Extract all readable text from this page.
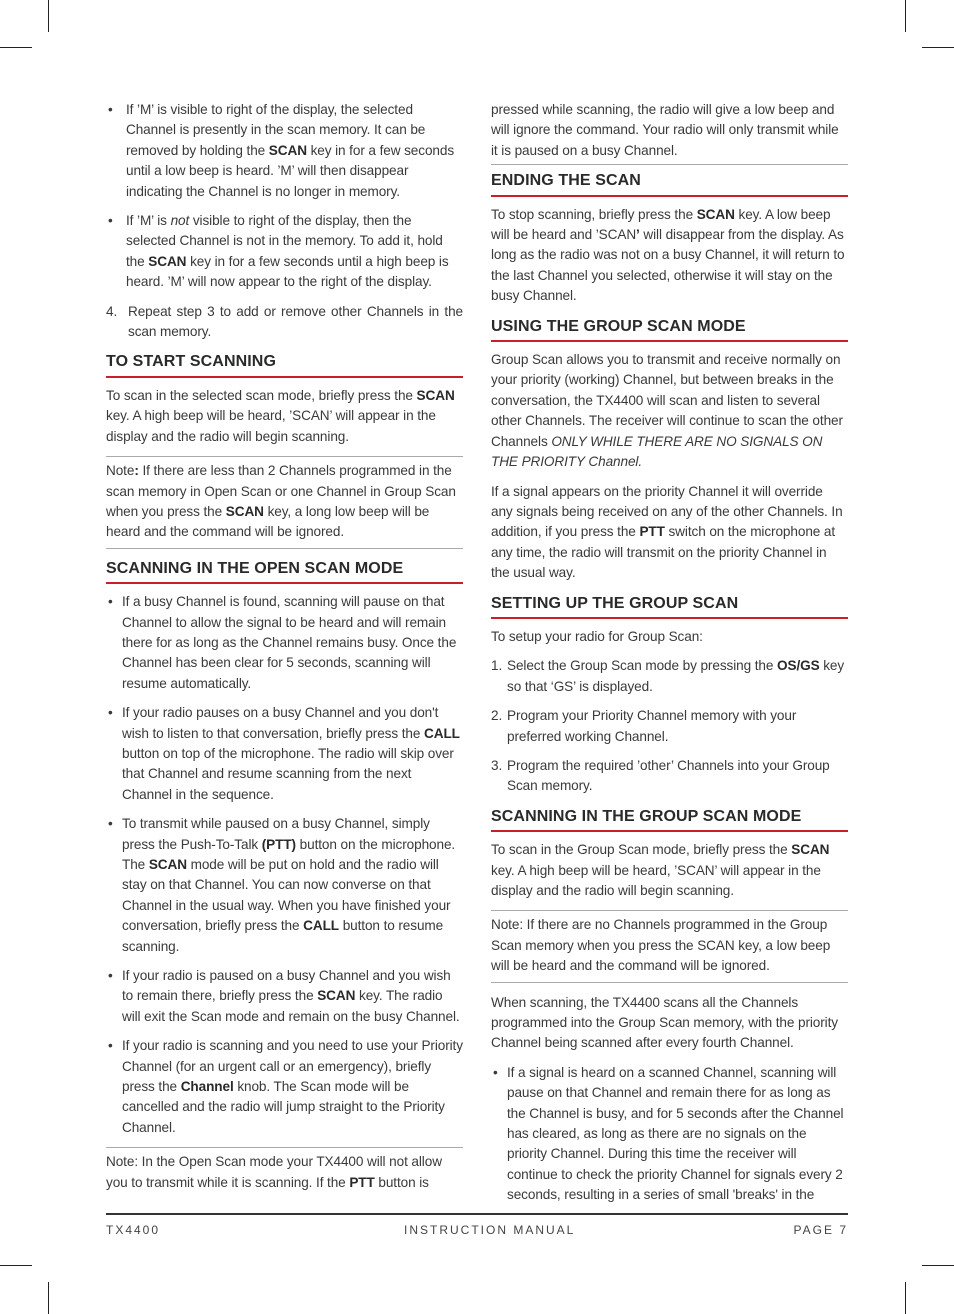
• If ’M’ is visible to right of the display, the selected Channel is presently in the scan memory. It can be removed by holding the SCAN key in for a few seconds until a low beep is heard. ’M’ will then disappear indicating the Channel is no longer in memory.
• If ’M’ is not visible to right of the display, then the selected Channel is not in the memory. To add it, hold the SCAN key in for a few seconds until a high beep is heard. ’M’ will now appear to the right of the display.
4. Repeat step 3 to add or remove other Channels in the scan memory.
TO START SCANNING

To scan in the selected scan mode, briefly press the SCAN key. A high beep will be heard, ’SCAN’ will appear in the display and the radio will begin scanning.

Note: If there are less than 2 Channels programmed in the scan memory in Open Scan or one Channel in Group Scan when you press the SCAN key, a long low beep will be heard and the command will be ignored.
SCANNING IN THE OPEN SCAN MODE
• If a busy Channel is found, scanning will pause on that Channel to allow the signal to be heard and will remain there for as long as the Channel remains busy. Once the Channel has been clear for 5 seconds, scanning will resume automatically.
• If your radio pauses on a busy Channel and you don't wish to listen to that conversation, briefly press the CALL button on top of the microphone. The radio will skip over that Channel and resume scanning from the next Channel in the sequence.
• To transmit while paused on a busy Channel, simply press the Push-To-Talk (PTT) button on the microphone. The SCAN mode will be put on hold and the radio will stay on that Channel. You can now converse on that Channel in the usual way. When you have finished your conversation, briefly press the CALL button to resume scanning.
• If your radio is paused on a busy Channel and you wish to remain there, briefly press the SCAN key. The radio will exit the Scan mode and remain on the busy Channel.
• If your radio is scanning and you need to use your Priority Channel (for an urgent call or an emergency), briefly press the Channel knob. The Scan mode will be cancelled and the radio will jump straight to the Priority Channel.
Note: In the Open Scan mode your TX4400 will not allow you to transmit while it is scanning. If the PTT button is

pressed while scanning, the radio will give a low beep and will ignore the command. Your radio will only transmit while it is paused on a busy Channel.

ENDING THE SCAN

To stop scanning, briefly press the SCAN key. A low beep will be heard and ’SCAN’ will disappear from the display. As long as the radio was not on a busy Channel, it will return to the last Channel you selected, otherwise it will stay on the busy Channel.

USING THE GROUP SCAN MODE

Group Scan allows you to transmit and receive normally on your priority (working) Channel, but between breaks in the conversation, the TX4400 will scan and listen to several other Channels. The receiver will continue to scan the other Channels ONLY WHILE THERE ARE NO SIGNALS ON THE PRIORITY Channel.

If a signal appears on the priority Channel it will override any signals being received on any of the other Channels. In addition, if you press the PTT switch on the microphone at any time, the radio will transmit on the priority Channel in the usual way.

SETTING UP THE GROUP SCAN

To setup your radio for Group Scan:

1. Select the Group Scan mode by pressing the OS/GS key so that ‘GS’ is displayed.
2. Program your Priority Channel memory with your preferred working Channel.
3. Program the required ’other’ Channels into your Group Scan memory.
SCANNING IN THE GROUP SCAN MODE

To scan in the Group Scan mode, briefly press the SCAN key. A high beep will be heard, ’SCAN’ will appear in the display and the radio will begin scanning.

Note: If there are no Channels programmed in the Group Scan memory when you press the SCAN key, a low beep will be heard and the command will be ignored.

When scanning, the TX4400 scans all the Channels programmed into the Group Scan memory, with the priority Channel being scanned after every fourth Channel.

• If a signal is heard on a scanned Channel, scanning will pause on that Channel and remain there for as long as the Channel is busy, and for 5 seconds after the Channel has cleared, as long as there are no signals on the priority Channel. During this time the receiver will continue to check the priority Channel for signals every 2 seconds, resulting in a series of small 'breaks' in the
TX4400	INSTRUCTION MANUAL	PAGE 7
